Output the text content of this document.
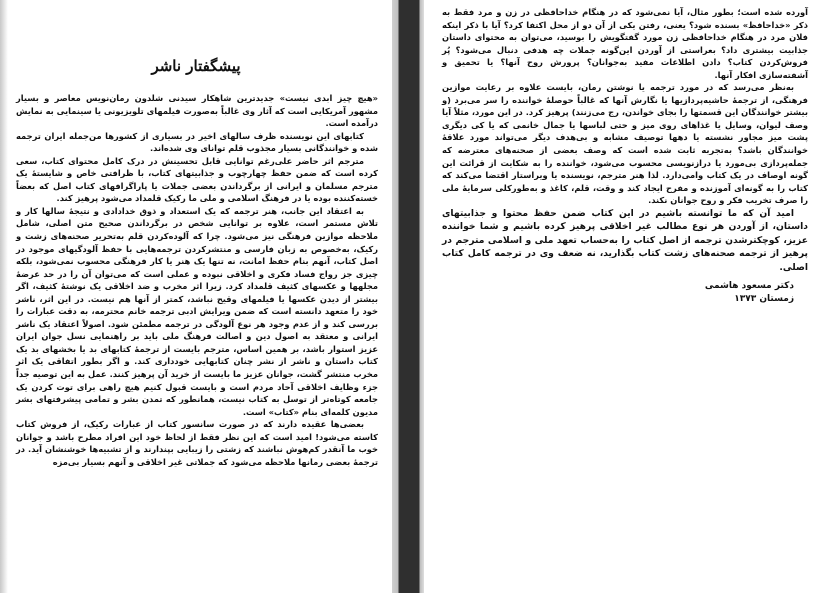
پیشگفتار ناشر

«هیچ چیز ابدی نیست» جدیدترین شاهکار سیدنی شلدون رمان‌نویس معاصر و بسیار مشهور آمریکایی است که آثار وی غالباً به‌صورت فیلمهای تلویزیونی یا سینمایی به نمایش درآمده است.

کتابهای این نویسنده ظرف سالهای اخیر در بسیاری از کشورها من‌جمله ایران ترجمه شده و خوانندگانی بسیار مجذوب قلم توانای وی شده‌اند.

مترجم اثر حاضر علی‌رغم توانایی قابل تحسینش در درک کامل محتوای کتاب، سعی کرده است که ضمن حفظ چهارچوب و جذابیتهای کتاب، با ظرافتی خاص و شایستهٔ یک مترجم مسلمان و ایرانی از برگرداندن بعضی جملات یا پاراگرافهای کتاب اصل که بعضاً خسته‌کننده بوده یا در فرهنگ اسلامی و ملی ما رکیک قلمداد می‌شود پرهیز کند.

به اعتقاد این جانب، هنر ترجمه که یک استعداد و ذوق خدادادی و نتیجهٔ سالها کار و تلاش مستمر است، علاوه بر توانایی شخص در برگرداندن صحیح متن اصلی، شامل ملاحظه موازین فرهنگی نیز می‌شود. چرا که آلوده‌کردن قلم به‌تحریر صحنه‌های زشت و رکیک، به‌خصوص به زبان فارسی و منتشرکردن ترجمه‌هایی با حفظ آلودگیهای موجود در اصل کتاب، آنهم بنام حفظ امانت، نه تنها یک هنر یا کار فرهنگی محسوب نمی‌شود، بلکه چیزی جز رواج فساد فکری و اخلاقی نبوده و عملی است که می‌توان آن را در حد عرضهٔ مجلهها و عکسهای کثیف قلمداد کرد. زیرا اثر مخرب و ضد اخلاقی یک نوشتهٔ کثیف، اگر بیشتر از دیدن عکسها یا فیلمهای وقیح نباشد، کمتر از آنها هم نیست. در این اثر، ناشر خود را متعهد دانسته است که ضمن ویرایش ادبی ترجمه خانم محترمه، به دقت عبارات را بررسی کند و از عدم وجود هر نوع آلودگی در ترجمه مطمئن شود. اصولاً اعتقاد یک ناشر ایرانی و معتقد به اصول دین و اصالت فرهنگ ملی باید بر راهنمایی نسل جوان ایران عزیز استوار باشد، بر همین اساس، مترجم بایست از ترجمهٔ کتابهای بد یا بخشهای بد یک کتاب داستان و ناشر از نشر چنان کتابهایی خودداری کند. و اگر بطور اتفاقی یک اثر مخرب منتشر گشت، جوانان عزیز ما بایست از خرید آن پرهیز کنند. عمل به این توصیه جداً جزء وظایف اخلاقی آحاد مردم است و بایست قبول کنیم هیچ راهی برای توت کردن یک جامعه کوتاه‌تر از توسل به کتاب نیست، همانطور که تمدن بشر و تمامی پیشرفتهای بشر مدیون کلمه‌ای بنام «کتاب» است.

بعضی‌ها عقیده دارند که در صورت سانسور کتاب از عبارات رکیک، از فروش کتاب کاسته می‌شود! امید است که این نظر فقط از لحاظ خود این افراد مطرح باشد و جوانان خوب ما آنقدر کم‌هوش نباشند که زشتی را زیبایی بپندارند و از تشبیه‌ها خوشنشان آید. در ترجمهٔ بعضی رمانها ملاحظه می‌شود که جملاتی غیر اخلاقی و آنهم بسیار بی‌مزه

آورده شده است؛ بطور مثال، آیا نمی‌شود که در هنگام خداحافظی در زن و مرد فقط به ذکر «خداحافظ» بسنده شود؟ یعنی، رفتن یکی از آن دو از محل اکتفا کرد؟ آیا با ذکر اینکه فلان مرد در هنگام خداحافظی زن مورد گفتگویش را بوسید، می‌توان به محتوای داستان جذابیت بیشتری داد؟ بعراستی از آوردن این‌گونه جملات چه هدفی دنبال می‌شود؟ پُر فروش‌کردن کتاب؟ دادن اطلاعات مفید به‌جوانان؟ پرورش روح آنها؟ یا تحمیق و آشفته‌سازی افکار آنها.

به‌نظر می‌رسد که در مورد ترجمه یا نوشتن رمان، بایست علاوه بر رعایت موازین فرهنگی، از ترجمهٔ حاشیه‌پردازیها یا نگارش آنها که غالباً حوصلهٔ خواننده را سر می‌برد (و بیشتر خوانندگان این قسمتها را بجای خواندن، رج می‌زنند) پرهیز کرد. در این مورد، مثلاً آیا وصف لیوان، وسایل یا غذاهای روی میز و حتی لباسها یا جمال خانمی که یا کی دیگری پشت میز مجاور نشسته یا دهها توصیف مشابه و بی‌هدف دیگر می‌تواند مورد علاقهٔ خوانندگان باشد؟ به‌تجربه ثابت شده است که وصف بعضی از صحنه‌های معترضه که جمله‌پردازی بی‌مورد یا درازنویسی محسوب می‌شود، خواننده را به شکایت از قرائت این گونه اوصاف در یک کتاب وامی‌دارد. لذا هنر مترجم، نویسنده یا ویراستار اقتضا می‌کند که کتاب را به گونه‌ای آموزنده و مفرح ایجاد کند و وقت، قلم، کاغذ و به‌طورکلی سرمایهٔ ملی را صرف تخریب فکر و روح جوانان نکند.

امید آن که ما توانسته باشیم در این کتاب ضمن حفظ محتوا و جذابیتهای داستان، از آوردن هر نوع مطالب غیر اخلاقی پرهیز کرده باشیم و شما خواننده عزیز، کوچکترشدن ترجمه از اصل کتاب را به‌حساب تعهد ملی و اسلامی مترجم در پرهیز از ترجمه صحنه‌های زشت کتاب بگذارید، نه ضعف وی در ترجمه کامل کتاب اصلی.

دکتر مسعود هاشمی
زمستان ۱۳۷۳
